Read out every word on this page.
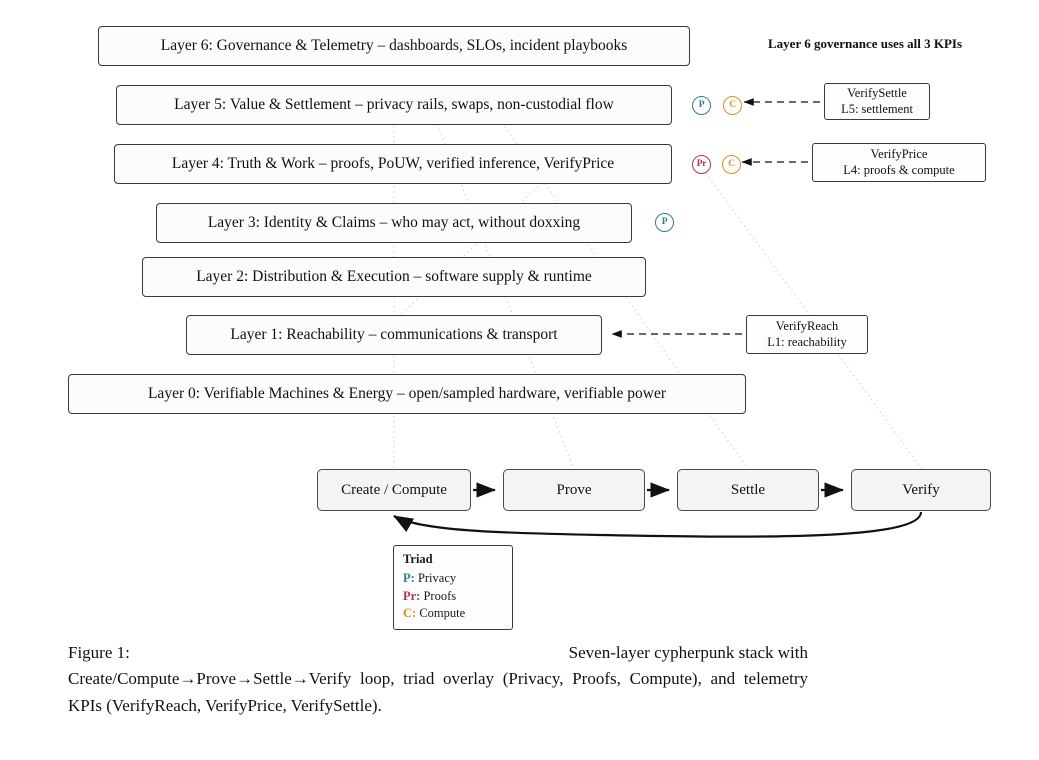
Layer 6: Governance & Telemetry – dashboards, SLOs, incident playbooks
Layer 5: Value & Settlement – privacy rails, swaps, non-custodial flow
Layer 4: Truth & Work – proofs, PoUW, verified inference, VerifyPrice
Layer 3: Identity & Claims – who may act, without doxxing
Layer 2: Distribution & Execution – software supply & runtime
Layer 1: Reachability – communications & transport
Layer 0: Verifiable Machines & Energy – open/sampled hardware, verifiable power
P	C
Pr C
P
VerifySettle
L5: settlement
VerifyPrice
L4: proofs & compute
VerifyReach
L1: reachability
Layer 6 governance uses all 3 KPIs
Create / Compute	Prove	Settle	Verify
Triad
P: Privacy
Pr: Proofs
C: Compute
Figure 1:	Seven-layer cypherpunk stack with
Create/Compute→Prove→Settle→Verify loop, triad overlay (Privacy, Proofs, Compute), and telemetry KPIs (VerifyReach, VerifyPrice, VerifySettle).
